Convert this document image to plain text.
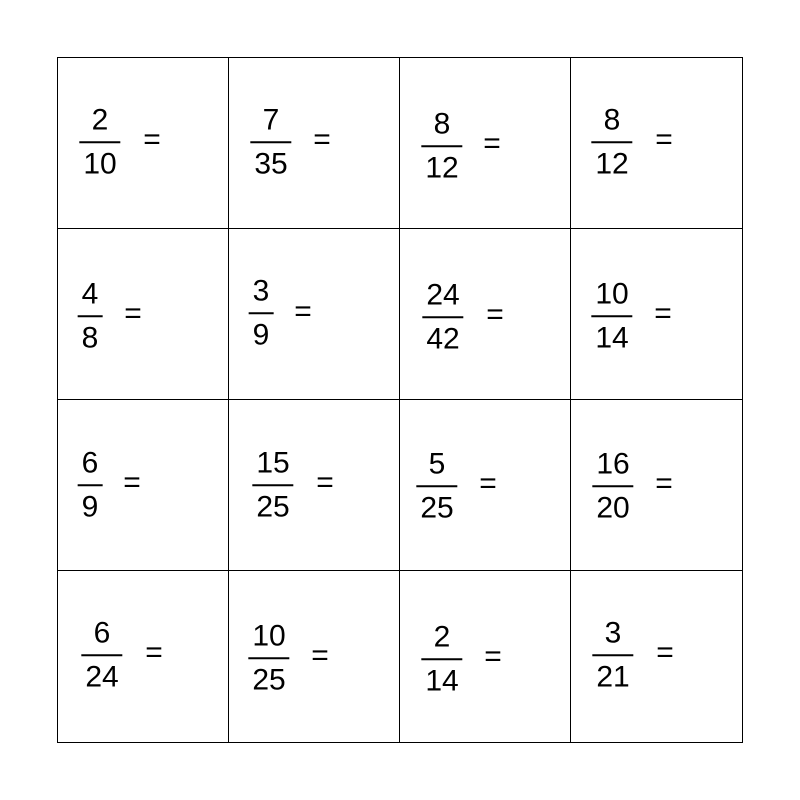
2
10
=
7
35
=	8
12
=
8
12
=
4
8
=
3
9
=
24
42
=
10
14
=
6
9
=
15
25
=
5
25
=
16
20
=
6
24
=
10
25
=
2
14
=
3
21
=
